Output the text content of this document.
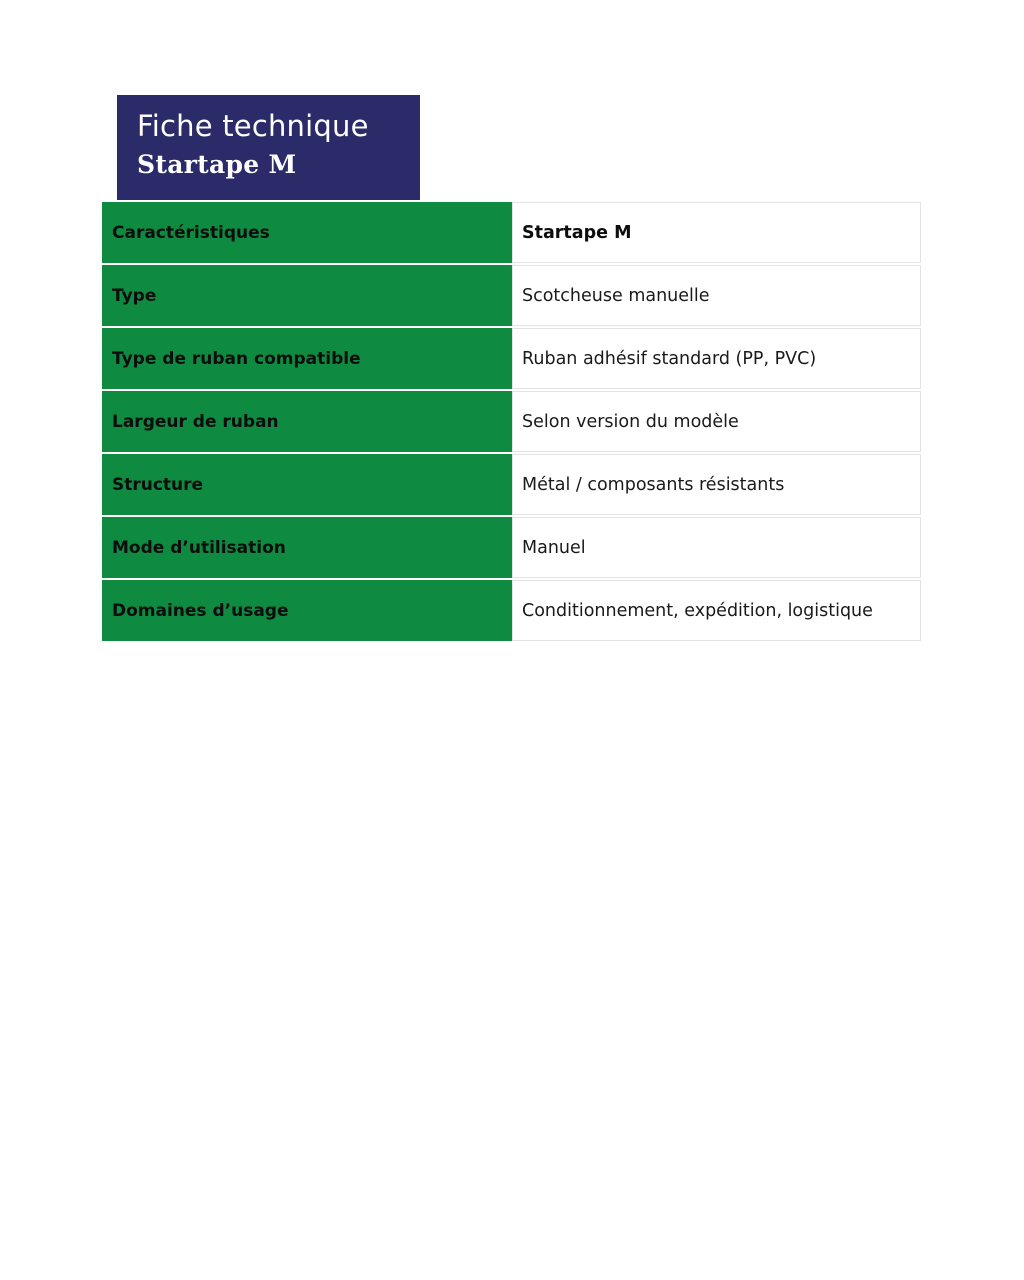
Fiche technique
Startape M
Caractéristiques	Startape M
Type	Scotcheuse manuelle
Type de ruban compatible	Ruban adhésif standard (PP, PVC)
Largeur de ruban	Selon version du modèle
Structure	Métal / composants résistants
Mode d’utilisation	Manuel
Domaines d’usage	Conditionnement, expédition, logistique
